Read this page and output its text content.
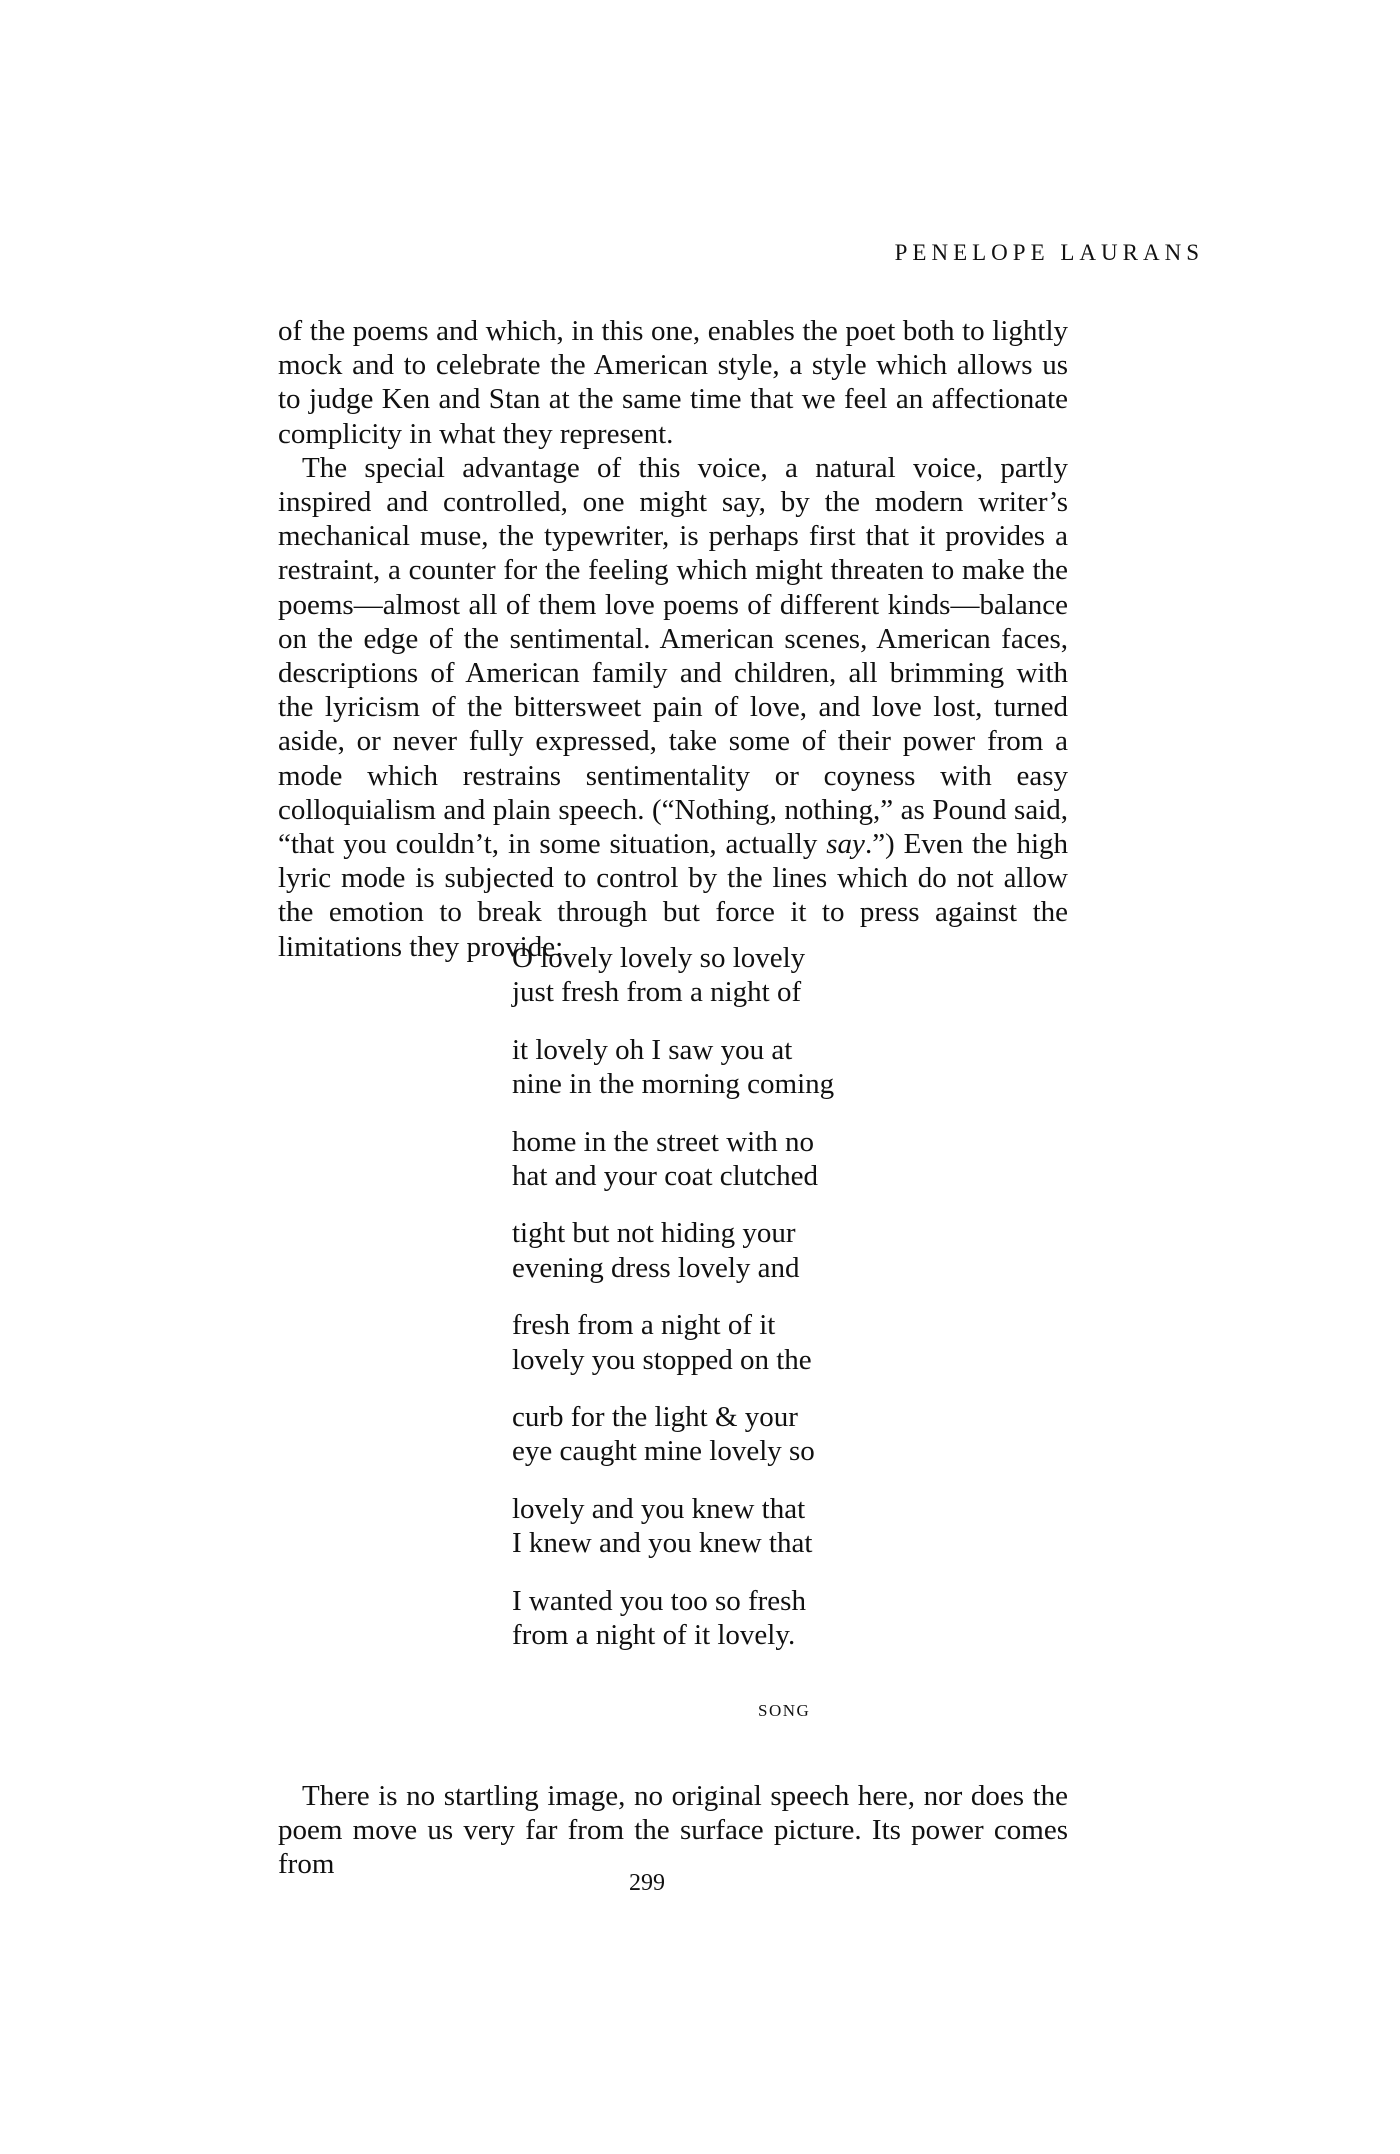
PENELOPE LAURANS

of the poems and which, in this one, enables the poet both to lightly mock and to celebrate the American style, a style which allows us to judge Ken and Stan at the same time that we feel an affectionate complicity in what they represent.

The special advantage of this voice, a natural voice, partly inspired and controlled, one might say, by the modern writer’s mechanical muse, the typewriter, is perhaps first that it provides a restraint, a counter for the feeling which might threaten to make the poems—almost all of them love poems of different kinds—balance on the edge of the sentimental. American scenes, American faces, descriptions of American family and children, all brimming with the lyricism of the bittersweet pain of love, and love lost, turned aside, or never fully expressed, take some of their power from a mode which restrains sentimentality or coyness with easy colloquialism and plain speech. (“Nothing, nothing,” as Pound said, “that you couldn’t, in some situation, actually say.”) Even the high lyric mode is subjected to control by the lines which do not allow the emotion to break through but force it to press against the limitations they provide:

O lovely lovely so lovely
just fresh from a night of
it lovely oh I saw you at
nine in the morning coming
home in the street with no
hat and your coat clutched
tight but not hiding your
evening dress lovely and
fresh from a night of it
lovely you stopped on the
curb for the light & your
eye caught mine lovely so
lovely and you knew that
I knew and you knew that
I wanted you too so fresh
from a night of it lovely.
SONG
There is no startling image, no original speech here, nor does the poem move us very far from the surface picture. Its power comes from
299
